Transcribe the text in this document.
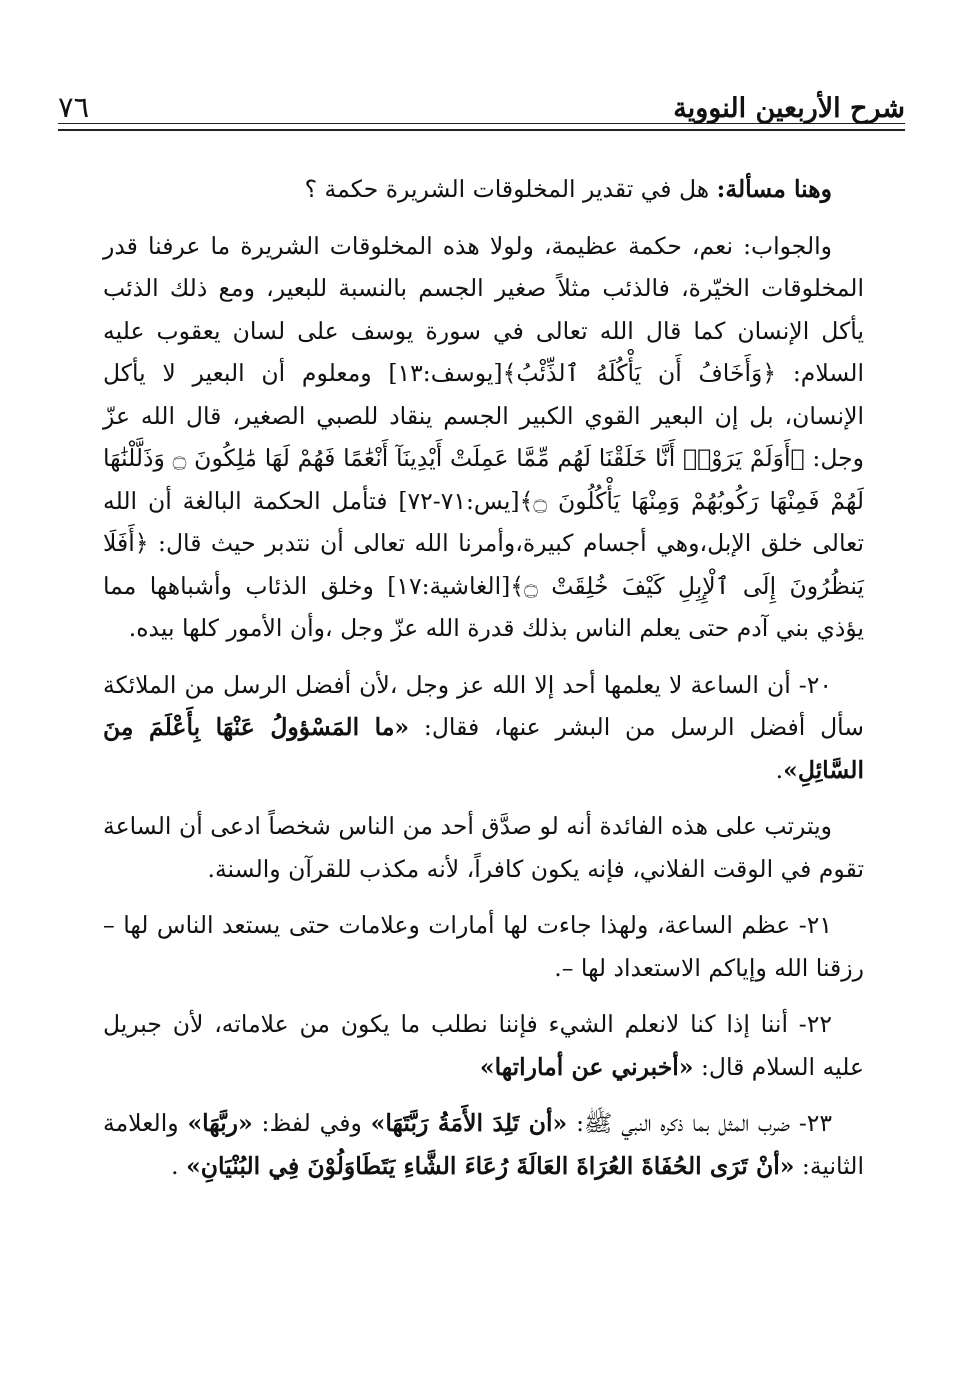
شرح الأربعين النووية
٧٦

وهنا مسألة: هل في تقدير المخلوقات الشريرة حكمة ؟

والجواب: نعم، حكمة عظيمة، ولولا هذه المخلوقات الشريرة ما عرفنا قدر المخلوقات الخيّرة، فالذئب مثلاً صغير الجسم بالنسبة للبعير، ومع ذلك الذئب يأكل الإنسان كما قال الله تعالى في سورة يوسف على لسان يعقوب عليه السلام: ﴿وَأَخَافُ أَن يَأْكُلَهُ ٱلذِّئْبُ﴾[يوسف:١٣] ومعلوم أن البعير لا يأكل الإنسان، بل إن البعير القوي الكبير الجسم ينقاد للصبي الصغير، قال الله عزّ وجل: ﴿أَوَلَمْ يَرَوْا۟ أَنَّا خَلَقْنَا لَهُم مِّمَّا عَمِلَتْ أَيْدِينَآ أَنْعَٰمًا فَهُمْ لَهَا مَٰلِكُونَ ۝ وَذَلَّلْنَٰهَا لَهُمْ فَمِنْهَا رَكُوبُهُمْ وَمِنْهَا يَأْكُلُونَ ۝﴾[يس:٧١-٧٢] فتأمل الحكمة البالغة أن الله تعالى خلق الإبل،وهي أجسام كبيرة،وأمرنا الله تعالى أن نتدبر حيث قال: ﴿أَفَلَا يَنظُرُونَ إِلَى ٱلْإِبِلِ كَيْفَ خُلِقَتْ ۝﴾[الغاشية:١٧] وخلق الذئاب وأشباهها مما يؤذي بني آدم حتى يعلم الناس بذلك قدرة الله عزّ وجل ،وأن الأمور كلها بيده.

٢٠- أن الساعة لا يعلمها أحد إلا الله عز وجل ،لأن أفضل الرسل من الملائكة سأل أفضل الرسل من البشر عنها، فقال: «ما المَسْؤولُ عَنْهَا بِأَعْلَمَ مِنَ السَّائِلِ».

ويترتب على هذه الفائدة أنه لو صدَّق أحد من الناس شخصاً ادعى أن الساعة تقوم في الوقت الفلاني، فإنه يكون كافراً، لأنه مكذب للقرآن والسنة.

٢١- عظم الساعة، ولهذا جاءت لها أمارات وعلامات حتى يستعد الناس لها – رزقنا الله وإياكم الاستعداد لها –.

٢٢- أننا إذا كنا لانعلم الشيء فإننا نطلب ما يكون من علاماته، لأن جبريل عليه السلام قال: «أخبرني عن أماراتها»

٢٣- ضرب المثل بما ذكره النبي ﷺ: «أن تَلِدَ الأَمَةُ رَبَّتَهَا» وفي لفظ: «ربَّهَا» والعلامة الثانية: «أنْ تَرَى الحُفَاةَ العُرَاةَ العَالَةَ رُعَاءَ الشَّاءِ يَتَطَاوَلُوْنَ فِي البُنْيَانِ» .
